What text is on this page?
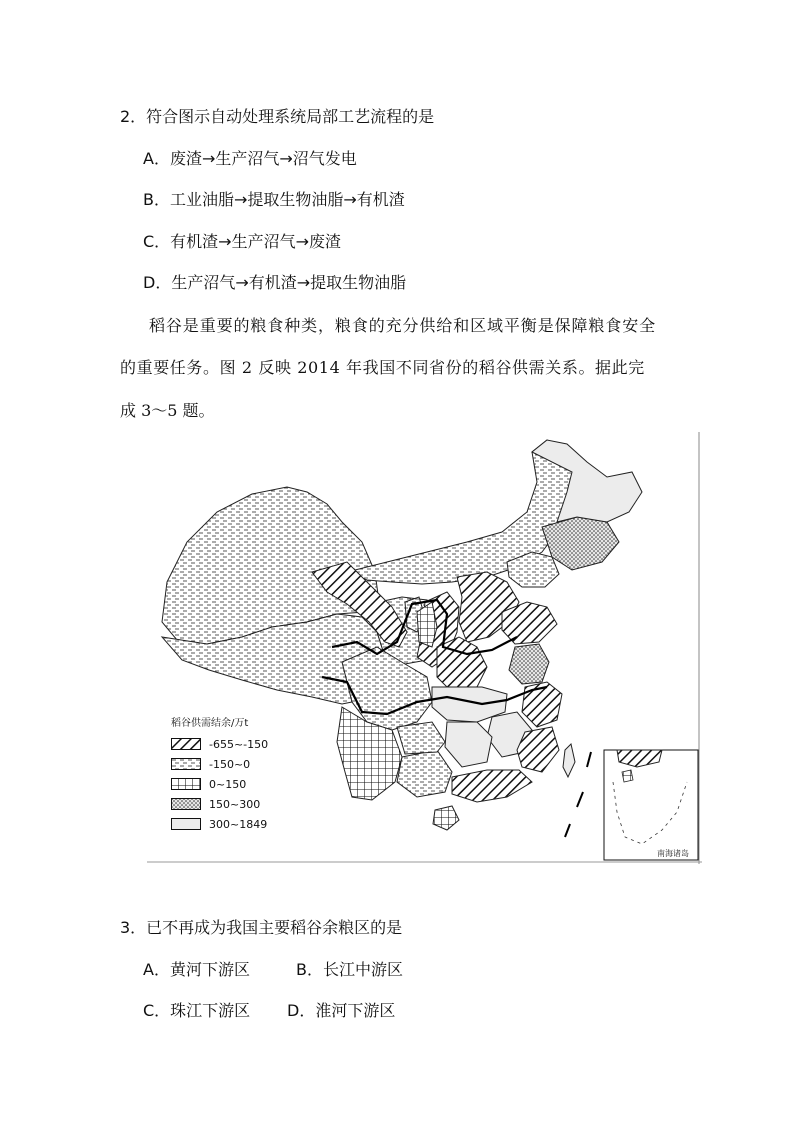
2．符合图示自动处理系统局部工艺流程的是
A．废渣→生产沼气→沼气发电
B．工业油脂→提取生物油脂→有机渣
C．有机渣→生产沼气→废渣
D．生产沼气→有机渣→提取生物油脂
稻谷是重要的粮食种类，粮食的充分供给和区域平衡是保障粮食安全
的重要任务。图 2 反映 2014 年我国不同省份的稻谷供需关系。据此完
成 3～5 题。
稻谷供需结余/万t
-655~-150
-150~0
0~150
150~300
300~1849
南海诸岛
3．已不再成为我国主要稻谷余粮区的是
A．黄河下游区	B．长江中游区
C．珠江下游区 D．淮河下游区
